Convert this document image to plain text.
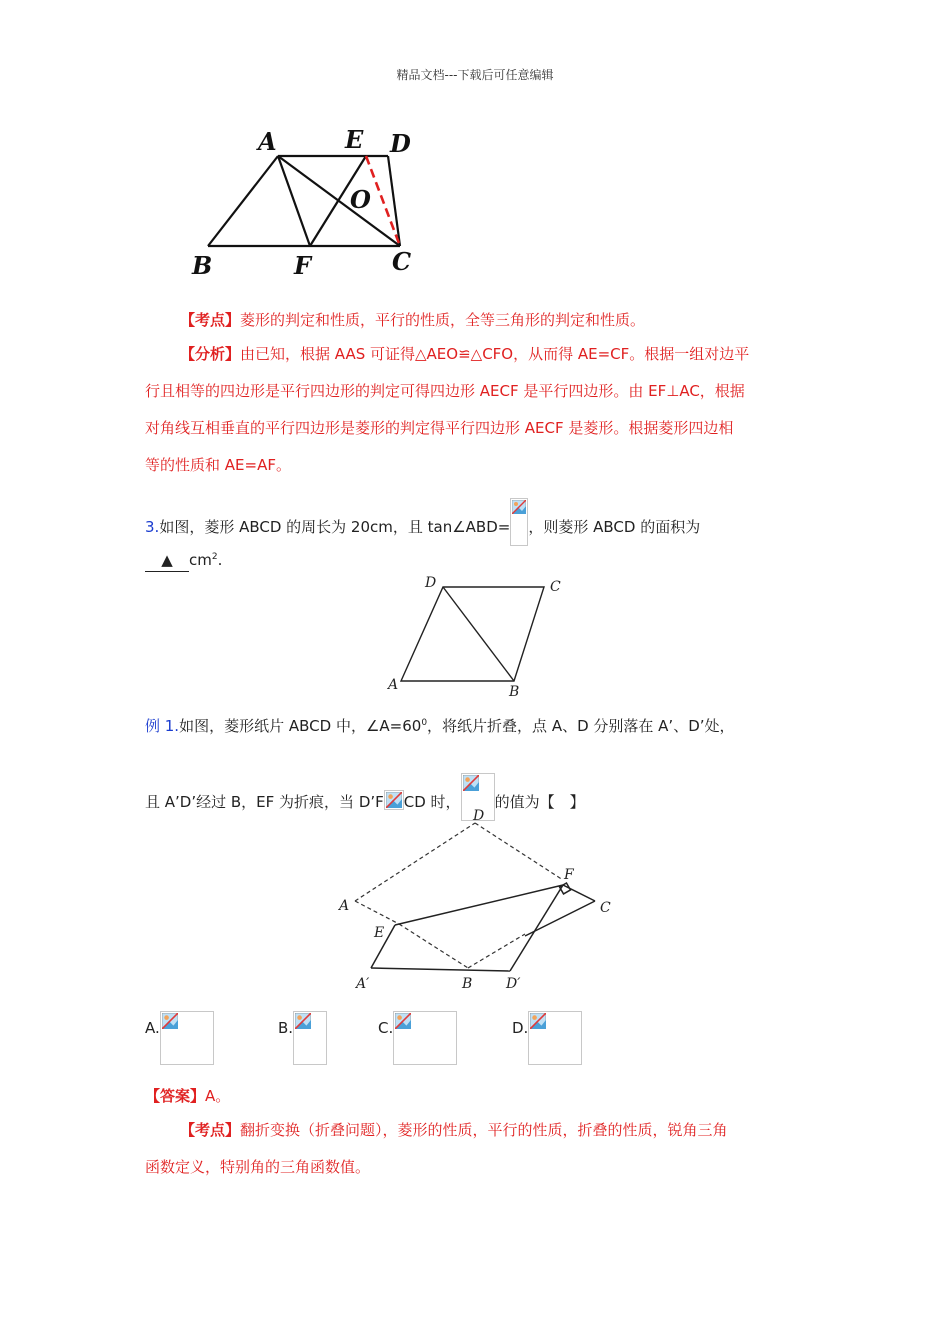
精品文档---下载后可任意编辑
A	E D
O
B	F	C
【考点】菱形的判定和性质，平行的性质，全等三角形的判定和性质。
【分析】由已知，根据 AAS 可证得△AEO≌△CFO，从而得 AE=CF。根据一组对边平
行且相等的四边形是平行四边形的判定可得四边形 AECF 是平行四边形。由 EF⊥AC，根据
对角线互相垂直的平行四边形是菱形的判定得平行四边形 AECF 是菱形。根据菱形四边相
等的性质和 AE=AF。
3.如图，菱形 ABCD 的周长为 20cm，且 tan∠ABD= ，则菱形 ABCD 的面积为
▲ $cm^2$.
D	C
A	B
例 1.如图，菱形纸片 ABCD 中，$\angle A=60^0$，将纸片折叠，点 A、D 分别落在 A’、D’处，
且 A’D’经过 B，EF 为折痕，当 D’F CD 时， 的值为【　】
D
F
C
A
E
A′	B D′
A.	B.	C.	D.
【答案】A。
【考点】翻折变换（折叠问题），菱形的性质，平行的性质，折叠的性质，锐角三角
函数定义，特别角的三角函数值。
